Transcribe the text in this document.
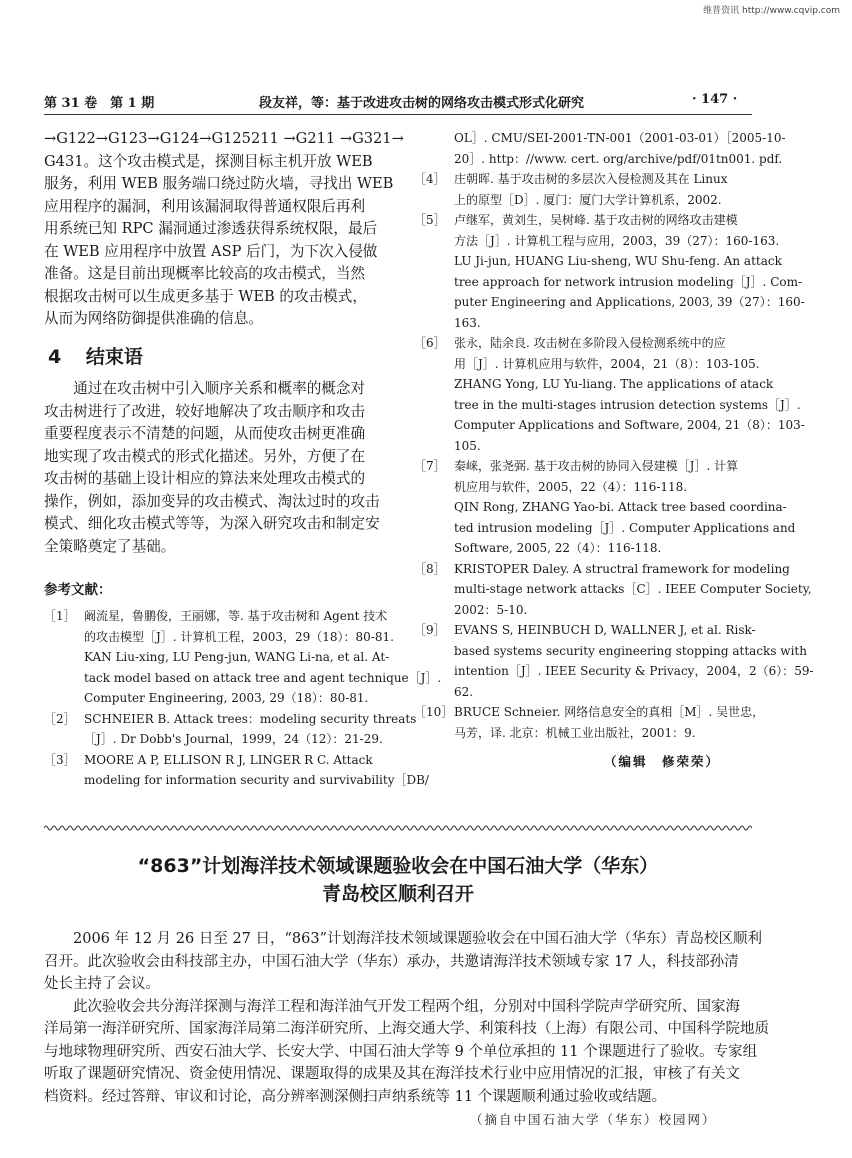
维普资讯 http://www.cqvip.com
第 31 卷　第 1 期	段友祥，等：基于改进攻击树的网络攻击模式形式化研究	· 147 ·

→G122→G123→G124→G125211 →G211 →G321→

G431。这个攻击模式是，探测目标主机开放 WEB

服务，利用 WEB 服务端口绕过防火墙，寻找出 WEB

应用程序的漏洞，利用该漏洞取得普通权限后再利

用系统已知 RPC 漏洞通过渗透获得系统权限，最后

在 WEB 应用程序中放置 ASP 后门，为下次入侵做

准备。这是目前出现概率比较高的攻击模式，当然

根据攻击树可以生成更多基于 WEB 的攻击模式，

从而为网络防御提供准确的信息。

4 结束语

通过在攻击树中引入顺序关系和概率的概念对

攻击树进行了改进，较好地解决了攻击顺序和攻击

重要程度表示不清楚的问题，从而使攻击树更准确

地实现了攻击模式的形式化描述。另外，方便了在

攻击树的基础上设计相应的算法来处理攻击模式的

操作，例如，添加变异的攻击模式、淘汰过时的攻击

模式、细化攻击模式等等，为深入研究攻击和制定安

全策略奠定了基础。

参考文献：
［1］ 阚流星，鲁鹏俊，王丽娜，等. 基于攻击树和 Agent 技术
的攻击模型［J］. 计算机工程，2003，29（18）：80-81.
KAN Liu-xing, LU Peng-jun, WANG Li-na, et al. At-
tack model based on attack tree and agent technique［J］.
Computer Engineering, 2003, 29（18）：80-81.
［2］ SCHNEIER B. Attack trees：modeling security threats
［J］. Dr Dobb's Journal，1999，24（12）：21-29.
［3］ MOORE A P, ELLISON R J, LINGER R C. Attack
modeling for information security and survivability［DB/
OL］. CMU/SEI-2001-TN-001（2001-03-01）［2005-10-
20］. http：//www. cert. org/archive/pdf/01tn001. pdf.
［4］ 庄朝晖. 基于攻击树的多层次入侵检测及其在 Linux
上的原型［D］. 厦门：厦门大学计算机系，2002.
［5］ 卢继军，黄刘生，吴树峰. 基于攻击树的网络攻击建模
方法［J］. 计算机工程与应用，2003，39（27）：160-163.
LU Ji-jun, HUANG Liu-sheng, WU Shu-feng. An attack
tree approach for network intrusion modeling［J］. Com-
puter Engineering and Applications, 2003, 39（27）：160-
163.
［6］ 张永，陆余良. 攻击树在多阶段入侵检测系统中的应
用［J］. 计算机应用与软件，2004，21（8）：103-105.
ZHANG Yong, LU Yu-liang. The applications of atack
tree in the multi-stages intrusion detection systems［J］.
Computer Applications and Software, 2004, 21（8）：103-
105.
［7］ 秦崃，张尧弼. 基于攻击树的协同入侵建模［J］. 计算
机应用与软件，2005，22（4）：116-118.
QIN Rong, ZHANG Yao-bi. Attack tree based coordina-
ted intrusion modeling［J］. Computer Applications and
Software, 2005, 22（4）：116-118.
［8］ KRISTOPER Daley. A structral framework for modeling
multi-stage network attacks［C］. IEEE Computer Society,
2002：5-10.
［9］ EVANS S, HEINBUCH D, WALLNER J, et al. Risk-
based systems security engineering stopping attacks with
intention［J］. IEEE Security & Privacy，2004，2（6）：59-
62.
［10］ BRUCE Schneier. 网络信息安全的真相［M］. 吴世忠，
马芳，译. 北京：机械工业出版社，2001：9.
（编辑　修荣荣）
“863”计划海洋技术领域课题验收会在中国石油大学（华东）
青岛校区顺利召开

2006 年 12 月 26 日至 27 日，“863”计划海洋技术领域课题验收会在中国石油大学（华东）青岛校区顺利

召开。此次验收会由科技部主办，中国石油大学（华东）承办，共邀请海洋技术领域专家 17 人，科技部孙清

处长主持了会议。

此次验收会共分海洋探测与海洋工程和海洋油气开发工程两个组，分别对中国科学院声学研究所、国家海

洋局第一海洋研究所、国家海洋局第二海洋研究所、上海交通大学、利策科技（上海）有限公司、中国科学院地质

与地球物理研究所、西安石油大学、长安大学、中国石油大学等 9 个单位承担的 11 个课题进行了验收。专家组

听取了课题研究情况、资金使用情况、课题取得的成果及其在海洋技术行业中应用情况的汇报，审核了有关文

档资料。经过答辩、审议和讨论，高分辨率测深侧扫声纳系统等 11 个课题顺利通过验收或结题。

（摘自中国石油大学（华东）校园网）
